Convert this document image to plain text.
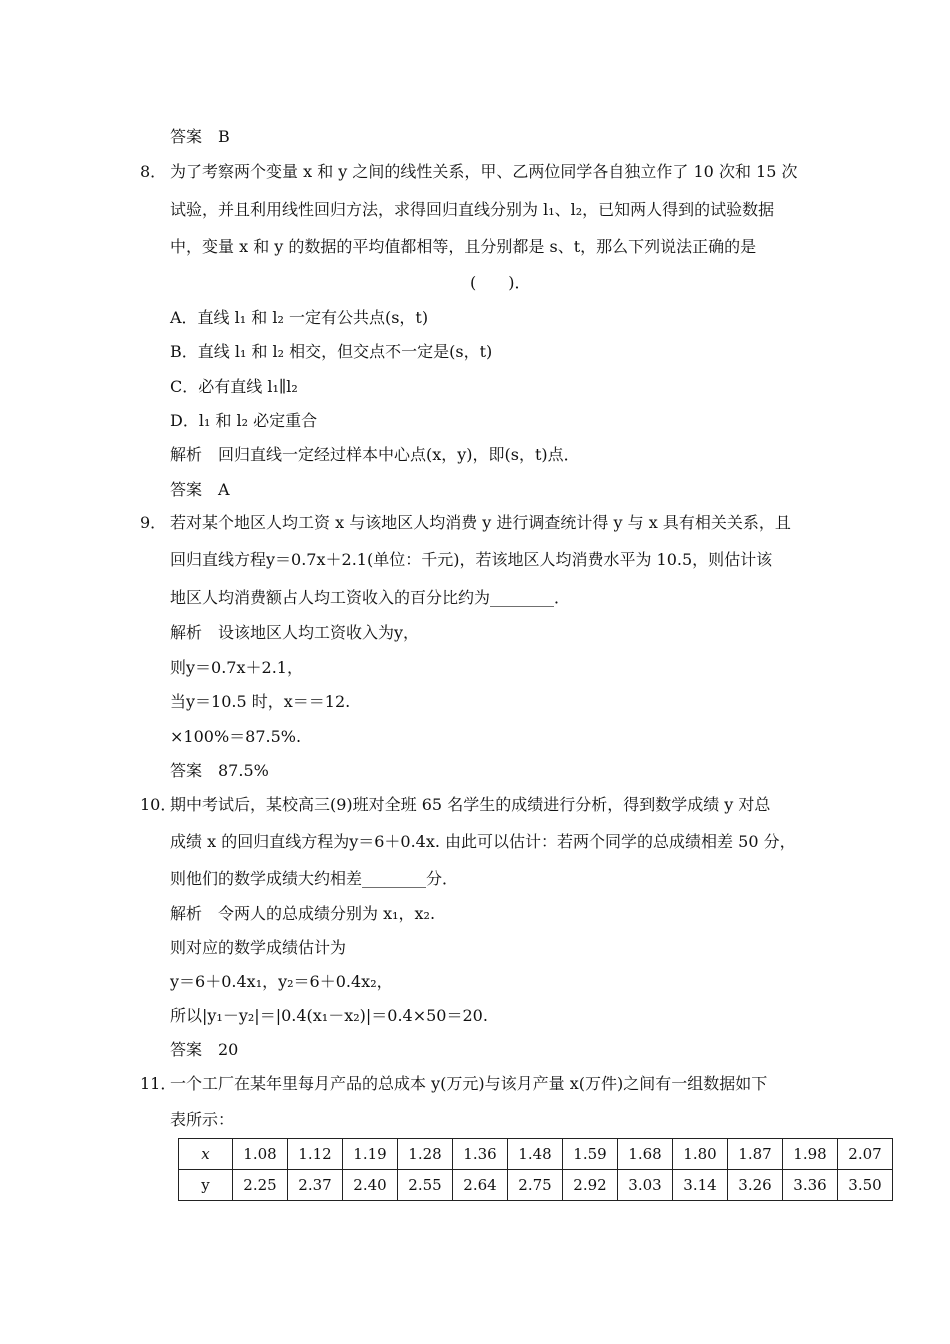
答案　B
8． 为了考察两个变量 x 和 y 之间的线性关系，甲、乙两位同学各自独立作了 10 次和 15 次
试验，并且利用线性回归方法，求得回归直线分别为 l₁、l₂，已知两人得到的试验数据
中，变量 x 和 y 的数据的平均值都相等，且分别都是 s、t，那么下列说法正确的是
(　　)．
A．直线 l₁ 和 l₂ 一定有公共点(s，t)
B．直线 l₁ 和 l₂ 相交，但交点不一定是(s，t)
C．必有直线 l₁∥l₂
D．l₁ 和 l₂ 必定重合
解析　回归直线一定经过样本中心点(x，y)，即(s，t)点．
答案　A
9． 若对某个地区人均工资 x 与该地区人均消费 y 进行调查统计得 y 与 x 具有相关关系，且
回归直线方程y＝0.7x＋2.1(单位：千元)，若该地区人均消费水平为 10.5，则估计该
地区人均消费额占人均工资收入的百分比约为________．
解析　设该地区人均工资收入为y，
则y＝0.7x＋2.1，
当y＝10.5 时，x＝＝12.
×100%＝87.5%.
答案　87.5%
10．
期中考试后，某校高三(9)班对全班 65 名学生的成绩进行分析，得到数学成绩 y 对总
成绩 x 的回归直线方程为y＝6＋0.4x. 由此可以估计：若两个同学的总成绩相差 50 分，
则他们的数学成绩大约相差________分．
解析　令两人的总成绩分别为 x₁，x₂.
则对应的数学成绩估计为
y＝6＋0.4x₁，y₂＝6＋0.4x₂，
所以|y₁－y₂|＝|0.4(x₁－x₂)|＝0.4×50＝20.
答案　20
11．
一个工厂在某年里每月产品的总成本 y(万元)与该月产量 x(万件)之间有一组数据如下
表所示：
x	1.08	1.12	1.19	1.28	1.36	1.48	1.59	1.68	1.80	1.87	1.98	2.07
y	2.25	2.37	2.40	2.55	2.64	2.75	2.92	3.03	3.14	3.26	3.36	3.50
